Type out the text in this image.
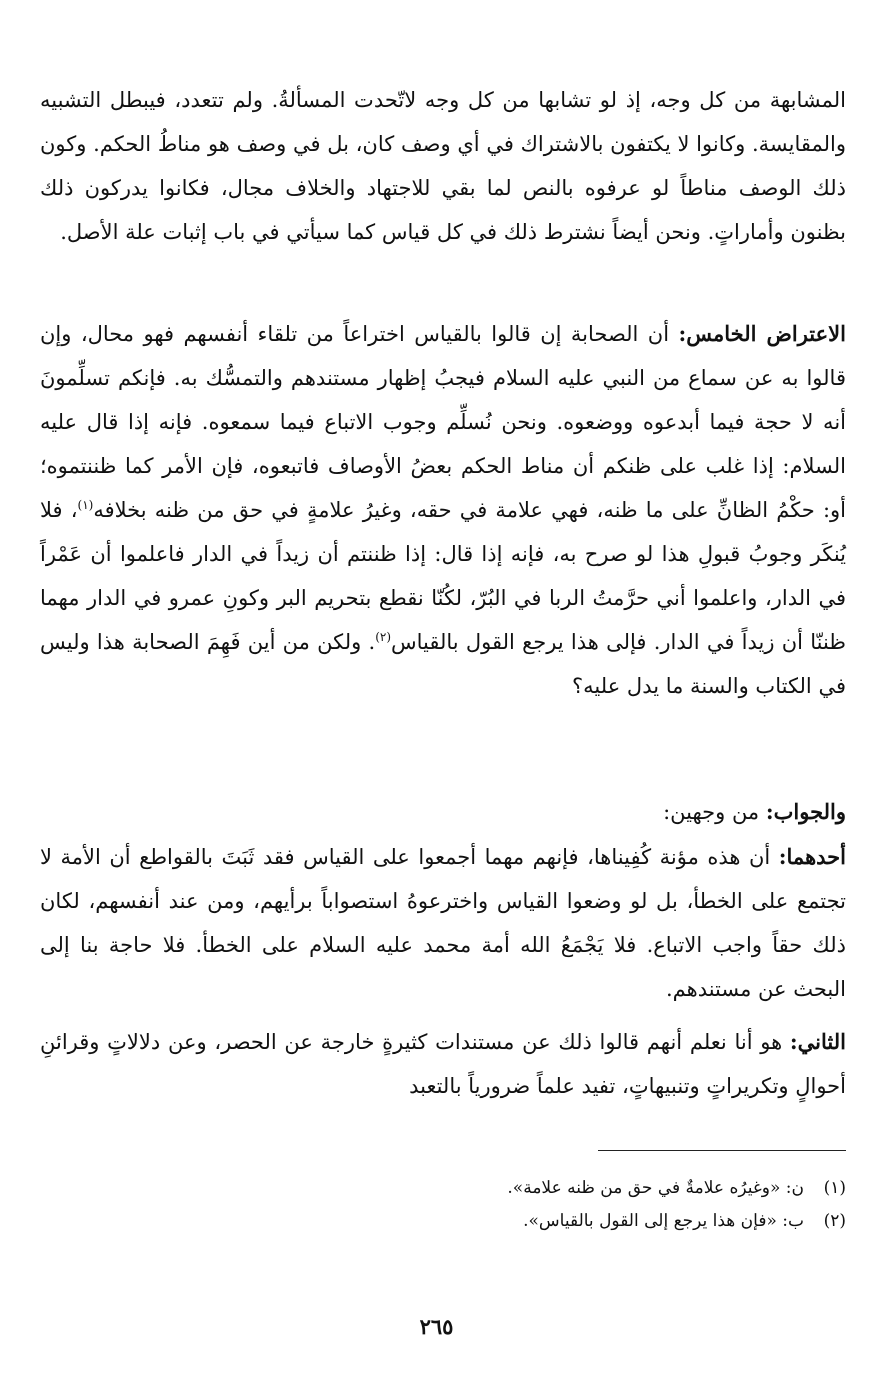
المشابهة من كل وجه، إذ لو تشابها من كل وجه لاتّحدت المسألةُ. ولم تتعدد، فيبطل التشبيه والمقايسة. وكانوا لا يكتفون بالاشتراك في أي وصف كان، بل في وصف هو مناطُ الحكم. وكون ذلك الوصف مناطاً لو عرفوه بالنص لما بقي للاجتهاد والخلاف مجال، فكانوا يدركون ذلك بظنون وأماراتٍ. ونحن أيضاً نشترط ذلك في كل قياس كما سيأتي في باب إثبات علة الأصل.

الاعتراض الخامس: أن الصحابة إن قالوا بالقياس اختراعاً من تلقاء أنفسهم فهو محال، وإن قالوا به عن سماع من النبي عليه السلام فيجبُ إظهار مستندهم والتمسُّك به. فإنكم تسلِّمونَ أنه لا حجة فيما أبدعوه ووضعوه. ونحن نُسلِّم وجوب الاتباع فيما سمعوه. فإنه إذا قال عليه السلام: إذا غلب على ظنكم أن مناط الحكم بعضُ الأوصاف فاتبعوه، فإن الأمر كما ظننتموه؛ أو: حكْمُ الظانِّ على ما ظنه، فهي علامة في حقه، وغيرُ علامةٍ في حق من ظنه بخلافه$^{(١)}$، فلا يُنكَر وجوبُ قبولِ هذا لو صرح به، فإنه إذا قال: إذا ظننتم أن زيداً في الدار فاعلموا أن عَمْراً في الدار، واعلموا أني حرَّمتُ الربا في البُرّ، لكُنّا نقطع بتحريم البر وكونِ عمرو في الدار مهما ظننّا أن زيداً في الدار. فإلى هذا يرجع القول بالقياس$^{(٢)}$. ولكن من أين فَهِمَ الصحابة هذا وليس في الكتاب والسنة ما يدل عليه؟

والجواب: من وجهين:

أحدهما: أن هذه مؤنة كُفِيناها، فإنهم مهما أجمعوا على القياس فقد ثَبَتَ بالقواطع أن الأمة لا تجتمع على الخطأ، بل لو وضعوا القياس واخترعوهُ استصواباً برأيهم، ومن عند أنفسهم، لكان ذلك حقاً واجب الاتباع. فلا يَجْمَعُ الله أمة محمد عليه السلام على الخطأ. فلا حاجة بنا إلى البحث عن مستندهم.

الثاني: هو أنا نعلم أنهم قالوا ذلك عن مستندات كثيرةٍ خارجة عن الحصر، وعن دلالاتٍ وقرائنِ أحوالٍ وتكريراتٍ وتنبيهاتٍ، تفيد علماً ضرورياً بالتعبد

(١)ن: «وغيرُه علامةٌ في حق من ظنه علامة».
(٢)ب: «فإن هذا يرجع إلى القول بالقياس».
٢٦٥
